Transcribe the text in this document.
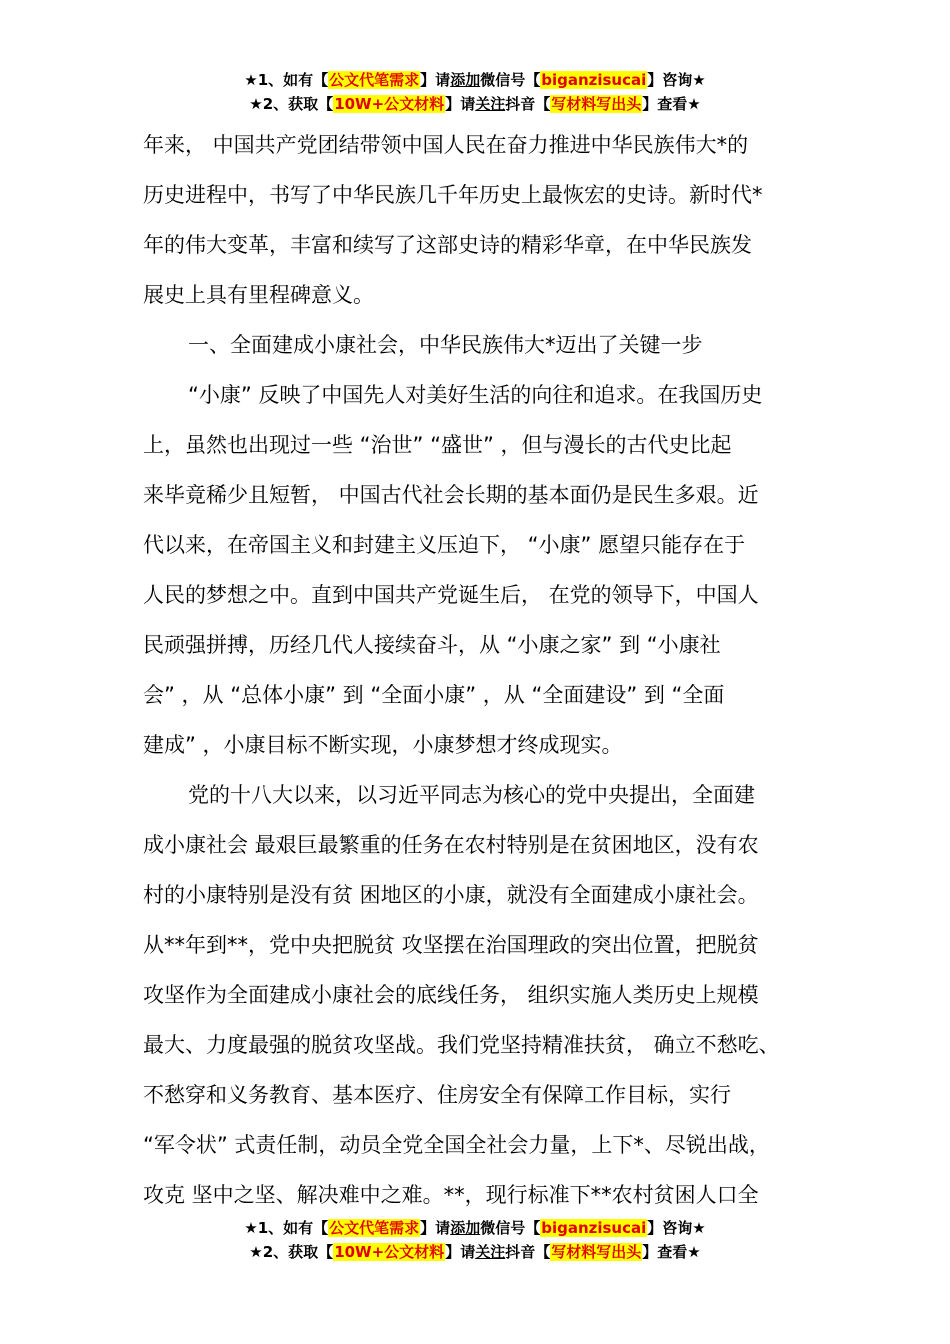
★1、如有【公文代笔需求】请添加微信号【biganzisucai】咨询★
★2、获取【10W+公文材料】请关注抖音【写材料写出头】查看★

年来， 中国共产党团结带领中国人民在奋力推进中华民族伟大*的
历史进程中，书写了中华民族几千年历史上最恢宏的史诗。新时代*
年的伟大变革，丰富和续写了这部史诗的精彩华章，在中华民族发
展史上具有里程碑意义。

一、全面建成小康社会，中华民族伟大*迈出了关键一步

“小康” 反映了中国先人对美好生活的向往和追求。在我国历史
上，虽然也出现过一些 “治世” “盛世” ，但与漫长的古代史比起
来毕竟稀少且短暂， 中国古代社会长期的基本面仍是民生多艰。近
代以来，在帝国主义和封建主义压迫下， “小康” 愿望只能存在于
人民的梦想之中。直到中国共产党诞生后， 在党的领导下，中国人
民顽强拼搏，历经几代人接续奋斗，从 “小康之家” 到 “小康社
会” ，从 “总体小康” 到 “全面小康” ，从 “全面建设” 到 “全面
建成” ，小康目标不断实现，小康梦想才终成现实。

党的十八大以来，以习近平同志为核心的党中央提出，全面建
成小康社会 最艰巨最繁重的任务在农村特别是在贫困地区，没有农
村的小康特别是没有贫 困地区的小康，就没有全面建成小康社会。
从**年到**，党中央把脱贫 攻坚摆在治国理政的突出位置，把脱贫
攻坚作为全面建成小康社会的底线任务， 组织实施人类历史上规模
最大、力度最强的脱贫攻坚战。我们党坚持精准扶贫， 确立不愁吃、
不愁穿和义务教育、基本医疗、住房安全有保障工作目标，实行
“军令状” 式责任制，动员全党全国全社会力量，上下*、尽锐出战，
攻克 坚中之坚、解决难中之难。**，现行标准下**农村贫困人口全

★1、如有【公文代笔需求】请添加微信号【biganzisucai】咨询★
★2、获取【10W+公文材料】请关注抖音【写材料写出头】查看★
